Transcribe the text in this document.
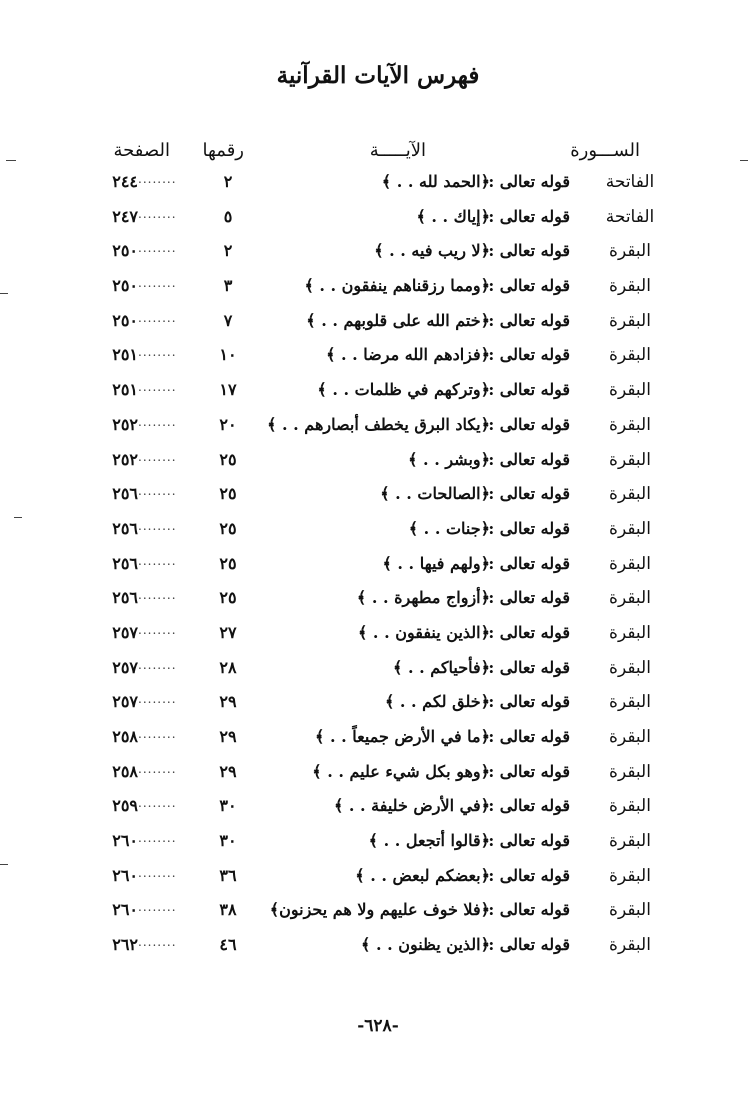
فهرس الآيات القرآنية
الســـورة
الآيـــــة
رقمها
الصفحة
الفاتحة
قوله تعالى :
﴿الحمد لله . . ﴾
٢
........
٢٤٤
الفاتحة
قوله تعالى :
﴿إياك . . ﴾
٥
........
٢٤٧
البقرة
قوله تعالى :
﴿لا ريب فيه . . ﴾
٢
........
٢٥٠
البقرة
قوله تعالى :
﴿ومما رزقناهم ينفقون . . ﴾
٣
........
٢٥٠
البقرة
قوله تعالى :
﴿ختم الله على قلوبهم . . ﴾
٧
........
٢٥٠
البقرة
قوله تعالى :
﴿فزادهم الله مرضا . . ﴾
١٠
........
٢٥١
البقرة
قوله تعالى :
﴿وتركهم في ظلمات . . ﴾
١٧
........
٢٥١
البقرة
قوله تعالى :
﴿يكاد البرق يخطف أبصارهم . . ﴾
٢٠
........
٢٥٢
البقرة
قوله تعالى :
﴿وبشر . . ﴾
٢٥
........
٢٥٢
البقرة
قوله تعالى :
﴿الصالحات . . ﴾
٢٥
........
٢٥٦
البقرة
قوله تعالى :
﴿جنات . . ﴾
٢٥
........
٢٥٦
البقرة
قوله تعالى :
﴿ولهم فيها . . ﴾
٢٥
........
٢٥٦
البقرة
قوله تعالى :
﴿أزواج مطهرة . . ﴾
٢٥
........
٢٥٦
البقرة
قوله تعالى :
﴿الذين ينفقون . . ﴾
٢٧
........
٢٥٧
البقرة
قوله تعالى :
﴿فأحياكم . . ﴾
٢٨
........
٢٥٧
البقرة
قوله تعالى :
﴿خلق لكم . . ﴾
٢٩
........
٢٥٧
البقرة
قوله تعالى :
﴿ما في الأرض جميعاً . . ﴾
٢٩
........
٢٥٨
البقرة
قوله تعالى :
﴿وهو بكل شيء عليم . . ﴾
٢٩
........
٢٥٨
البقرة
قوله تعالى :
﴿في الأرض خليفة . . ﴾
٣٠
........
٢٥٩
البقرة
قوله تعالى :
﴿قالوا أتجعل . . ﴾
٣٠
........
٢٦٠
البقرة
قوله تعالى :
﴿بعضكم لبعض . . ﴾
٣٦
........
٢٦٠
البقرة
قوله تعالى :
﴿فلا خوف عليهم ولا هم يحزنون﴾
٣٨
........
٢٦٠
البقرة
قوله تعالى :
﴿الذين يظنون . . ﴾
٤٦
........
٢٦٢
-٦٢٨-
